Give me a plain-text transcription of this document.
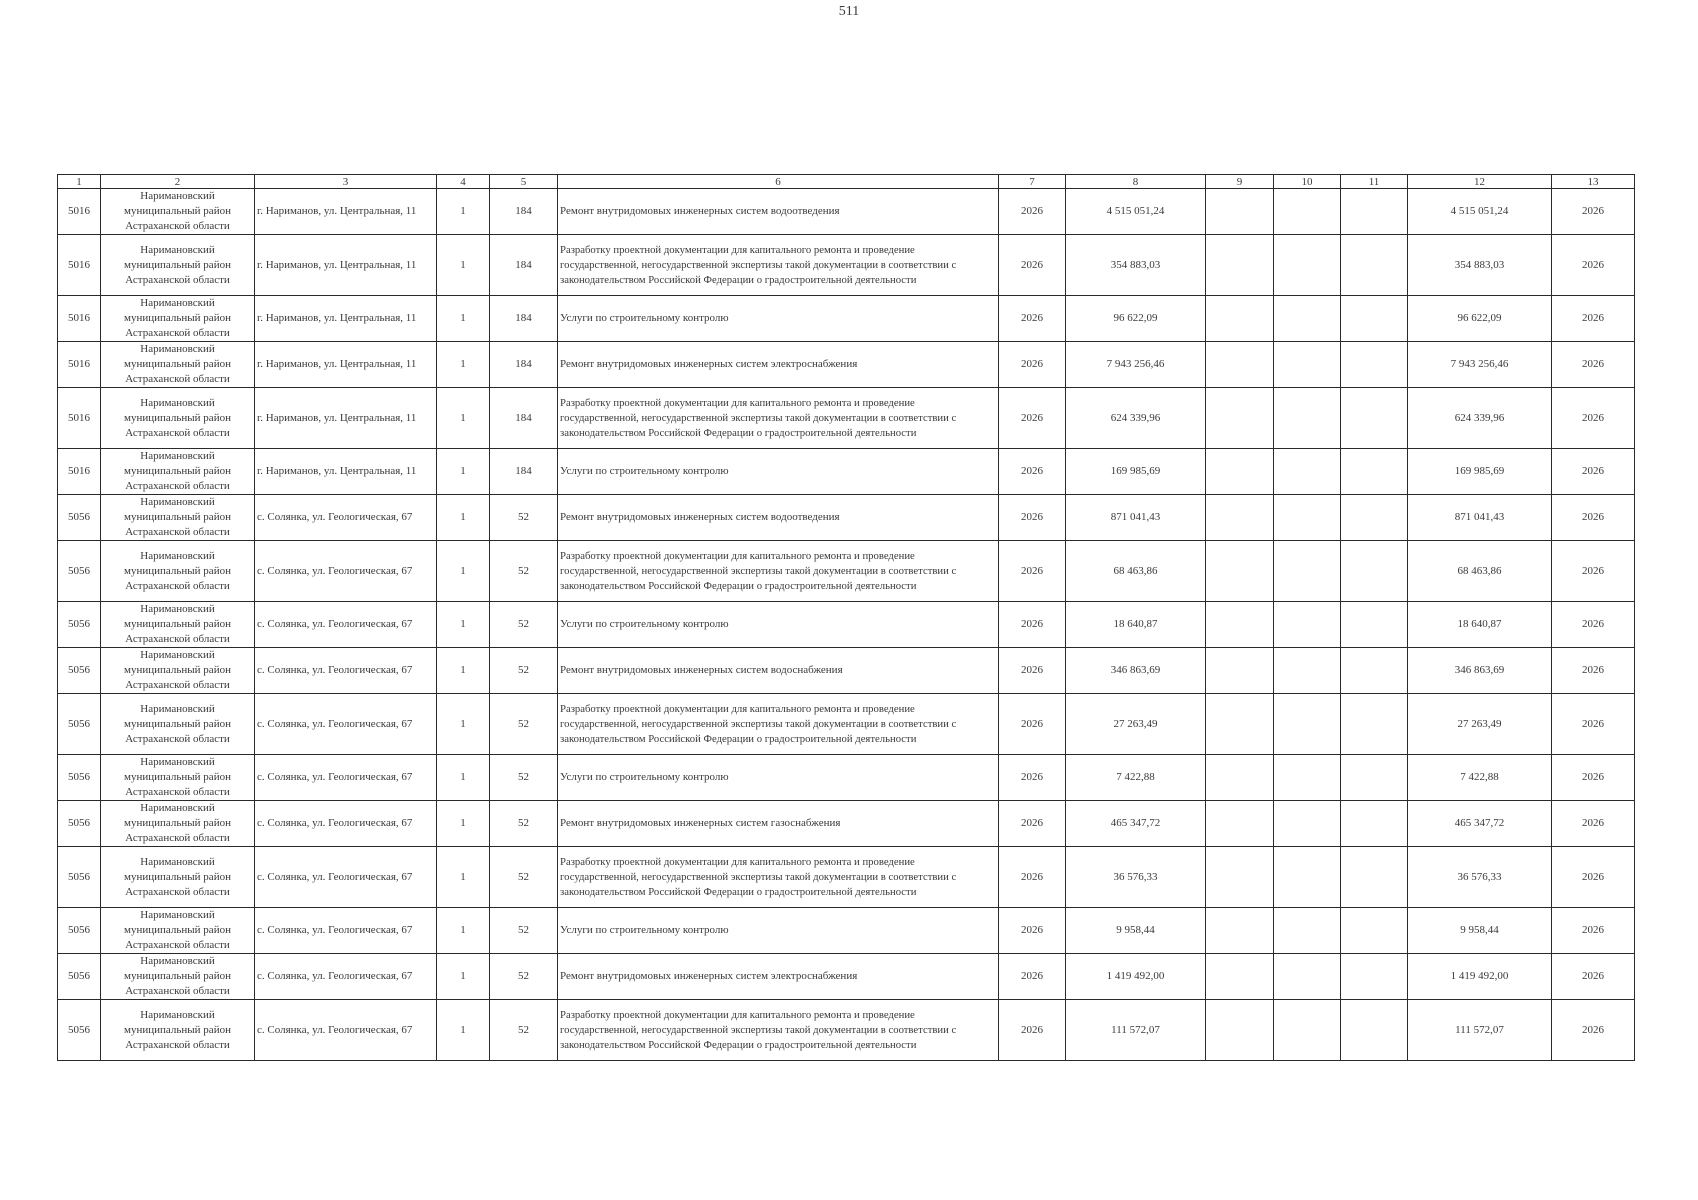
511
1	2	3	4	5	6	7	8	9	10	11	12	13
5016	Наримановский муниципальный район Астраханской области	г. Нариманов, ул. Центральная, 11	1	184	Ремонт внутридомовых инженерных систем водоотведения	2026	4 515 051,24				4 515 051,24	2026
5016	Наримановский муниципальный район Астраханской области	г. Нариманов, ул. Центральная, 11	1	184	Разработку проектной документации для капитального ремонта и проведение государственной, негосударственной экспертизы такой документации в соответствии с законодательством Российской Федерации о градостроительной деятельности	2026	354 883,03				354 883,03	2026
5016	Наримановский муниципальный район Астраханской области	г. Нариманов, ул. Центральная, 11	1	184	Услуги по строительному контролю	2026	96 622,09				96 622,09	2026
5016	Наримановский муниципальный район Астраханской области	г. Нариманов, ул. Центральная, 11	1	184	Ремонт внутридомовых инженерных систем электроснабжения	2026	7 943 256,46				7 943 256,46	2026
5016	Наримановский муниципальный район Астраханской области	г. Нариманов, ул. Центральная, 11	1	184	Разработку проектной документации для капитального ремонта и проведение государственной, негосударственной экспертизы такой документации в соответствии с законодательством Российской Федерации о градостроительной деятельности	2026	624 339,96				624 339,96	2026
5016	Наримановский муниципальный район Астраханской области	г. Нариманов, ул. Центральная, 11	1	184	Услуги по строительному контролю	2026	169 985,69				169 985,69	2026
5056	Наримановский муниципальный район Астраханской области	с. Солянка, ул. Геологическая, 67	1	52	Ремонт внутридомовых инженерных систем водоотведения	2026	871 041,43				871 041,43	2026
5056	Наримановский муниципальный район Астраханской области	с. Солянка, ул. Геологическая, 67	1	52	Разработку проектной документации для капитального ремонта и проведение государственной, негосударственной экспертизы такой документации в соответствии с законодательством Российской Федерации о градостроительной деятельности	2026	68 463,86				68 463,86	2026
5056	Наримановский муниципальный район Астраханской области	с. Солянка, ул. Геологическая, 67	1	52	Услуги по строительному контролю	2026	18 640,87				18 640,87	2026
5056	Наримановский муниципальный район Астраханской области	с. Солянка, ул. Геологическая, 67	1	52	Ремонт внутридомовых инженерных систем водоснабжения	2026	346 863,69				346 863,69	2026
5056	Наримановский муниципальный район Астраханской области	с. Солянка, ул. Геологическая, 67	1	52	Разработку проектной документации для капитального ремонта и проведение государственной, негосударственной экспертизы такой документации в соответствии с законодательством Российской Федерации о градостроительной деятельности	2026	27 263,49				27 263,49	2026
5056	Наримановский муниципальный район Астраханской области	с. Солянка, ул. Геологическая, 67	1	52	Услуги по строительному контролю	2026	7 422,88				7 422,88	2026
5056	Наримановский муниципальный район Астраханской области	с. Солянка, ул. Геологическая, 67	1	52	Ремонт внутридомовых инженерных систем газоснабжения	2026	465 347,72				465 347,72	2026
5056	Наримановский муниципальный район Астраханской области	с. Солянка, ул. Геологическая, 67	1	52	Разработку проектной документации для капитального ремонта и проведение государственной, негосударственной экспертизы такой документации в соответствии с законодательством Российской Федерации о градостроительной деятельности	2026	36 576,33				36 576,33	2026
5056	Наримановский муниципальный район Астраханской области	с. Солянка, ул. Геологическая, 67	1	52	Услуги по строительному контролю	2026	9 958,44				9 958,44	2026
5056	Наримановский муниципальный район Астраханской области	с. Солянка, ул. Геологическая, 67	1	52	Ремонт внутридомовых инженерных систем электроснабжения	2026	1 419 492,00				1 419 492,00	2026
5056	Наримановский муниципальный район Астраханской области	с. Солянка, ул. Геологическая, 67	1	52	Разработку проектной документации для капитального ремонта и проведение государственной, негосударственной экспертизы такой документации в соответствии с законодательством Российской Федерации о градостроительной деятельности	2026	111 572,07				111 572,07	2026
